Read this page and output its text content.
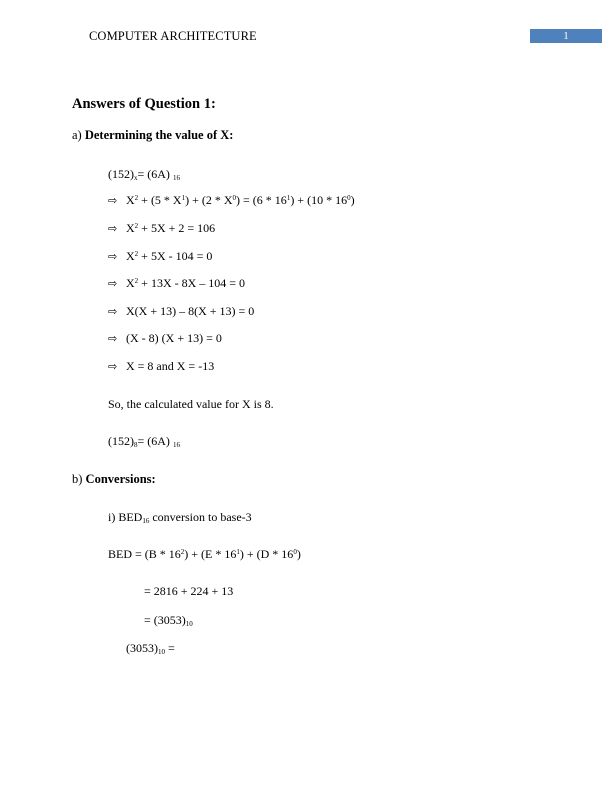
COMPUTER ARCHITECTURE	1
Answers of Question 1:
a) Determining the value of X:
$(152)_x= (6A)$ $_{16}$
⇨ $X^2 + (5 * X^1) + (2 * X^0) = (6 * 16^1) + (10 * 16^0)$
⇨ $X^2 + 5X + 2 = 106$
⇨ $X^2 + 5X - 104 = 0$
⇨ $X^2 + 13X - 8X - 104 = 0$
⇨ X(X + 13) – 8(X + 13) = 0
⇨ (X - 8) (X + 13) = 0
⇨ X = 8 and X = -13
So, the calculated value for X is 8.
$(152)_8= (6A)$ $_{16}$
b) Conversions:
i) $BED_{16}$ conversion to base-3
BED = $(B * 16^2) + (E * 16^1) + (D * 16^0)$
= 2816 + 224 + 13
= $(3053)_{10}$
$(3053)_{10}$ =
